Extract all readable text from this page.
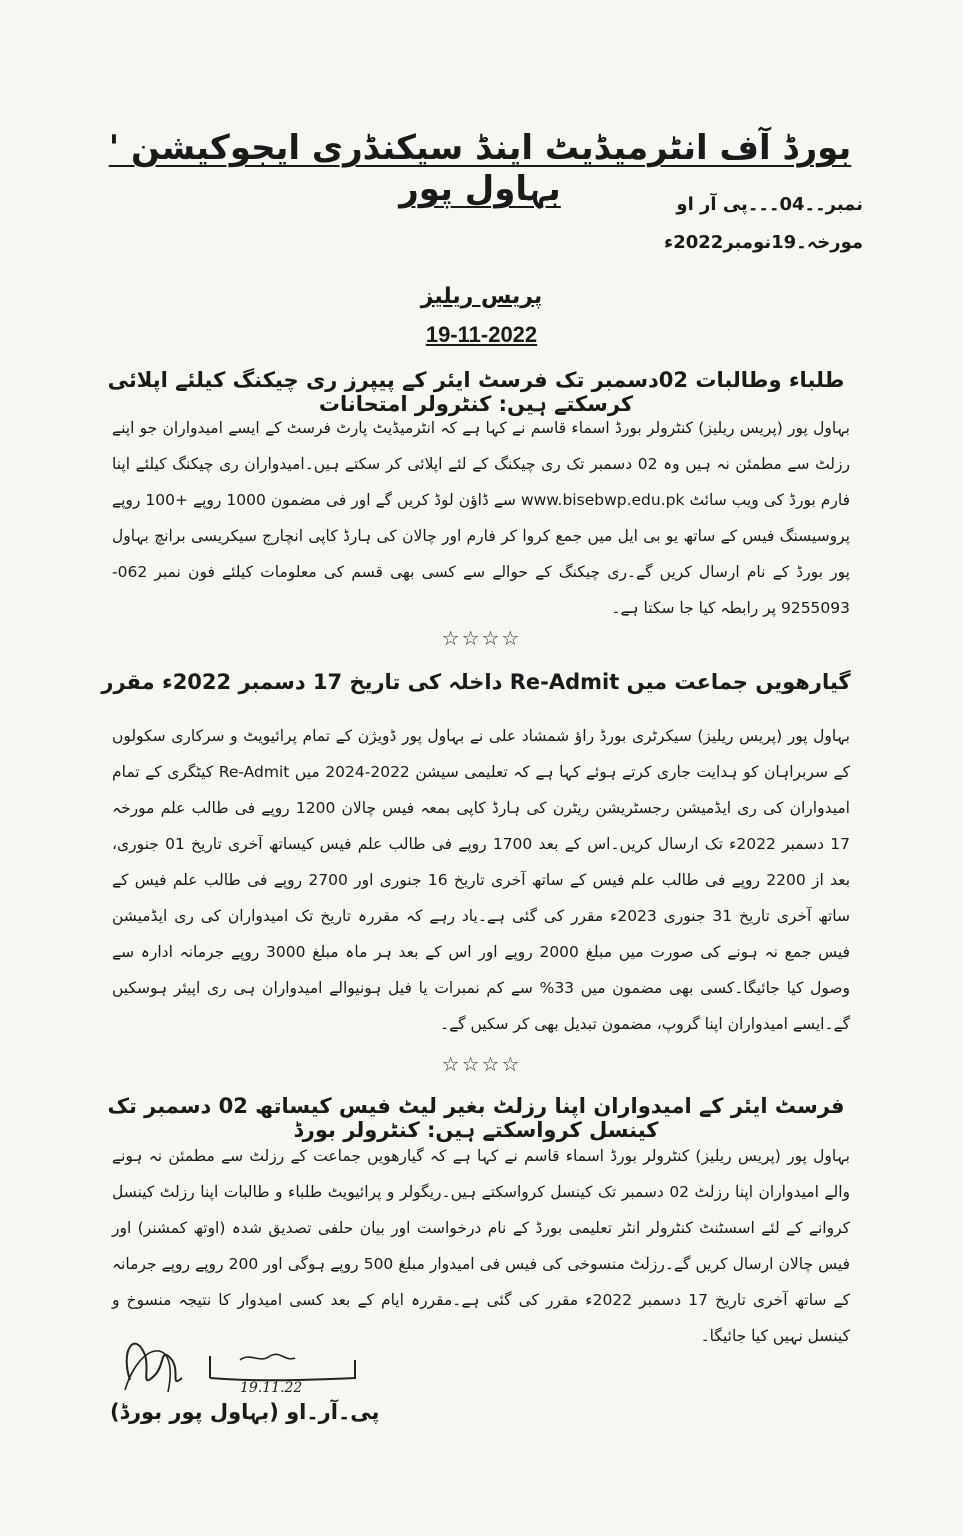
بورڈ آف انٹرمیڈیٹ اینڈ سیکنڈری ایجوکیشن ' بہاول پور	نمبر۔۔04۔۔۔پی آر او
مورخہ۔19نومبر2022ء
پریس ریلیز
19-11-2022
طلباء وطالبات 02دسمبر تک فرسٹ ایئر کے پیپرز ری چیکنگ کیلئے اپلائی کرسکتے ہیں: کنٹرولر امتحانات
بہاول پور (پریس ریلیز) کنٹرولر بورڈ اسماء قاسم نے کہا ہے کہ انٹرمیڈیٹ پارٹ فرسٹ کے ایسے امیدواران جو اپنے رزلٹ سے مطمئن نہ ہیں وہ 02 دسمبر تک ری چیکنگ کے لئے اپلائی کر سکتے ہیں۔امیدواران ری چیکنگ کیلئے اپنا فارم بورڈ کی ویب سائٹ www.bisebwp.edu.pk سے ڈاؤن لوڈ کریں گے اور فی مضمون 1000 روپے +100 روپے پروسیسنگ فیس کے ساتھ یو بی ایل میں جمع کروا کر فارم اور چالان کی ہارڈ کاپی انچارج سیکریسی برانچ بہاول پور بورڈ کے نام ارسال کریں گے۔ری چیکنگ کے حوالے سے کسی بھی قسم کی معلومات کیلئے فون نمبر 062-9255093 پر رابطہ کیا جا سکتا ہے۔
☆☆☆☆
گیارھویں جماعت میں Re-Admit داخلہ کی تاریخ 17 دسمبر 2022ء مقرر
بہاول پور (پریس ریلیز) سیکرٹری بورڈ راؤ شمشاد علی نے بہاول پور ڈویژن کے تمام پرائیویٹ و سرکاری سکولوں کے سربراہان کو ہدایت جاری کرتے ہوئے کہا ہے کہ تعلیمی سیشن 2022-2024 میں Re-Admit کیٹگری کے تمام امیدواران کی ری ایڈمیشن رجسٹریشن ریٹرن کی ہارڈ کاپی بمعہ فیس چالان 1200 روپے فی طالب علم مورخہ 17 دسمبر 2022ء تک ارسال کریں۔اس کے بعد 1700 روپے فی طالب علم فیس کیساتھ آخری تاریخ 01 جنوری، بعد از 2200 روپے فی طالب علم فیس کے ساتھ آخری تاریخ 16 جنوری اور 2700 روپے فی طالب علم فیس کے ساتھ آخری تاریخ 31 جنوری 2023ء مقرر کی گئی ہے۔یاد رہے کہ مقررہ تاریخ تک امیدواران کی ری ایڈمیشن فیس جمع نہ ہونے کی صورت میں مبلغ 2000 روپے اور اس کے بعد ہر ماہ مبلغ 3000 روپے جرمانہ ادارہ سے وصول کیا جائیگا۔کسی بھی مضمون میں 33% سے کم نمبرات یا فیل ہونیوالے امیدواران ہی ری اپیئر ہوسکیں گے۔ایسے امیدواران اپنا گروپ، مضمون تبدیل بھی کر سکیں گے۔
☆☆☆☆
فرسٹ ایئر کے امیدواران اپنا رزلٹ بغیر لیٹ فیس کیساتھ 02 دسمبر تک کینسل کرواسکتے ہیں: کنٹرولر بورڈ
بہاول پور (پریس ریلیز) کنٹرولر بورڈ اسماء قاسم نے کہا ہے کہ گیارھویں جماعت کے رزلٹ سے مطمئن نہ ہونے والے امیدواران اپنا رزلٹ 02 دسمبر تک کینسل کرواسکتے ہیں۔ریگولر و پرائیویٹ طلباء و طالبات اپنا رزلٹ کینسل کروانے کے لئے اسسٹنٹ کنٹرولر انٹر تعلیمی بورڈ کے نام درخواست اور بیان حلفی تصدیق شدہ (اوتھ کمشنر) اور فیس چالان ارسال کریں گے۔رزلٹ منسوخی کی فیس فی امیدوار مبلغ 500 روپے ہوگی اور 200 روپے روپے جرمانہ کے ساتھ آخری تاریخ 17 دسمبر 2022ء مقرر کی گئی ہے۔مقررہ ایام کے بعد کسی امیدوار کا نتیجہ منسوخ و کینسل نہیں کیا جائیگا۔
19.11.22
پی۔آر۔او (بہاول پور بورڈ)
